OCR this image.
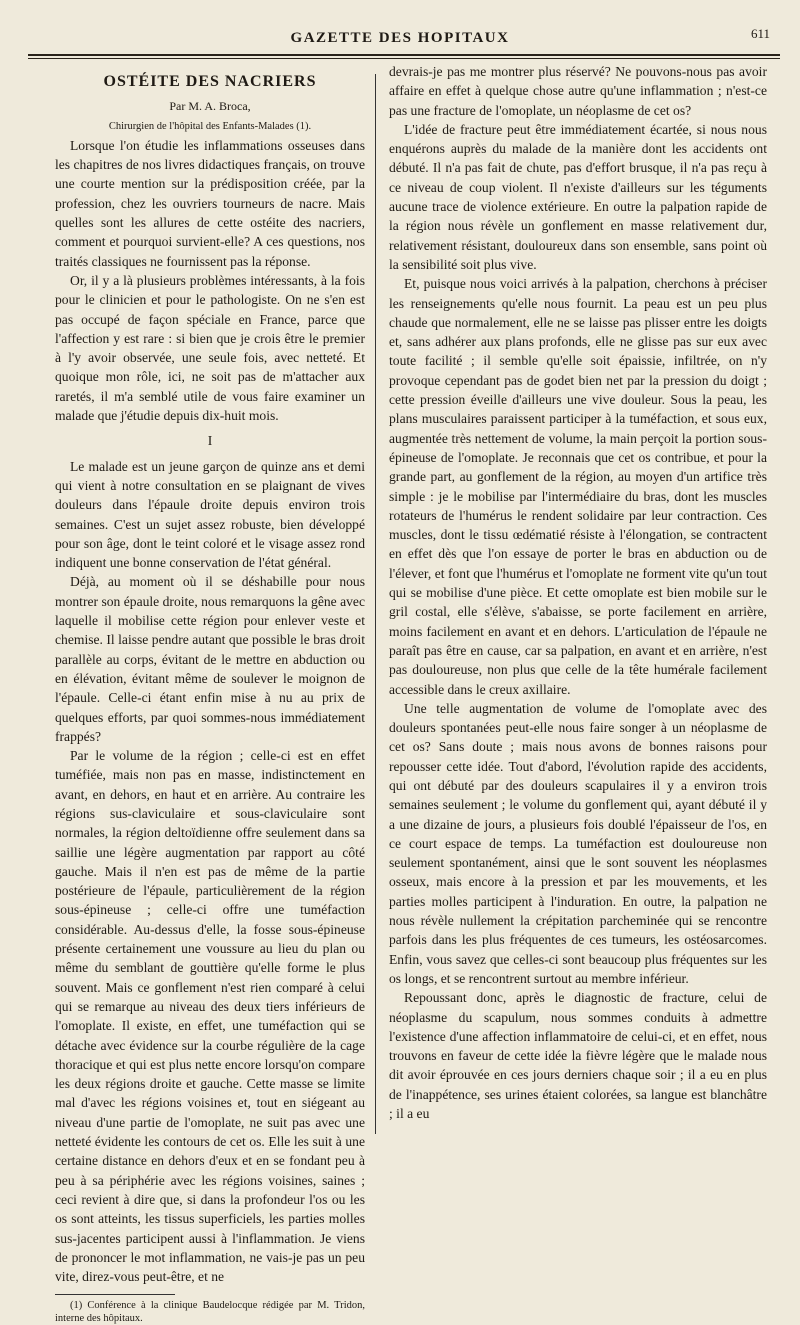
GAZETTE DES HOPITAUX	611
OSTÉITE DES NACRIERS

Par M. A. Broca,

Chirurgien de l'hôpital des Enfants-Malades (1).

Lorsque l'on étudie les inflammations osseuses dans les chapitres de nos livres didactiques français, on trouve une courte mention sur la prédisposition créée, par la profession, chez les ouvriers tourneurs de nacre. Mais quelles sont les allures de cette ostéite des nacriers, comment et pourquoi survient-elle? A ces questions, nos traités classiques ne fournissent pas la réponse.

Or, il y a là plusieurs problèmes intéressants, à la fois pour le clinicien et pour le pathologiste. On ne s'en est pas occupé de façon spéciale en France, parce que l'affection y est rare : si bien que je crois être le premier à l'y avoir observée, une seule fois, avec netteté. Et quoique mon rôle, ici, ne soit pas de m'attacher aux raretés, il m'a semblé utile de vous faire examiner un malade que j'étudie depuis dix-huit mois.

I

Le malade est un jeune garçon de quinze ans et demi qui vient à notre consultation en se plaignant de vives douleurs dans l'épaule droite depuis environ trois semaines. C'est un sujet assez robuste, bien développé pour son âge, dont le teint coloré et le visage assez rond indiquent une bonne conservation de l'état général.

Déjà, au moment où il se déshabille pour nous montrer son épaule droite, nous remarquons la gêne avec laquelle il mobilise cette région pour enlever veste et chemise. Il laisse pendre autant que possible le bras droit parallèle au corps, évitant de le mettre en abduction ou en élévation, évitant même de soulever le moignon de l'épaule. Celle-ci étant enfin mise à nu au prix de quelques efforts, par quoi sommes-nous immédiatement frappés?

Par le volume de la région ; celle-ci est en effet tuméfiée, mais non pas en masse, indistinctement en avant, en dehors, en haut et en arrière. Au contraire les régions sus-claviculaire et sous-claviculaire sont normales, la région deltoïdienne offre seulement dans sa saillie une légère augmentation par rapport au côté gauche. Mais il n'en est pas de même de la partie postérieure de l'épaule, particulièrement de la région sous-épineuse ; celle-ci offre une tuméfaction considérable. Au-dessus d'elle, la fosse sous-épineuse présente certainement une voussure au lieu du plan ou même du semblant de gouttière qu'elle forme le plus souvent. Mais ce gonflement n'est rien comparé à celui qui se remarque au niveau des deux tiers inférieurs de l'omoplate. Il existe, en effet, une tuméfaction qui se détache avec évidence sur la courbe régulière de la cage thoracique et qui est plus nette encore lorsqu'on compare les deux régions droite et gauche. Cette masse se limite mal d'avec les régions voisines et, tout en siégeant au niveau d'une partie de l'omoplate, ne suit pas avec une netteté évidente les contours de cet os. Elle les suit à une certaine distance en dehors d'eux et en se fondant peu à peu à sa périphérie avec les régions voisines, saines ; ceci revient à dire que, si dans la profondeur l'os ou les os sont atteints, les tissus superficiels, les parties molles sus-jacentes participent aussi à l'inflammation. Je viens de prononcer le mot inflammation, ne vais-je pas un peu vite, direz-vous peut-être, et ne

(1) Conférence à la clinique Baudelocque rédigée par M. Tridon, interne des hôpitaux.

devrais-je pas me montrer plus réservé? Ne pouvons-nous pas avoir affaire en effet à quelque chose autre qu'une inflammation ; n'est-ce pas une fracture de l'omoplate, un néoplasme de cet os?

L'idée de fracture peut être immédiatement écartée, si nous nous enquérons auprès du malade de la manière dont les accidents ont débuté. Il n'a pas fait de chute, pas d'effort brusque, il n'a pas reçu à ce niveau de coup violent. Il n'existe d'ailleurs sur les téguments aucune trace de violence extérieure. En outre la palpation rapide de la région nous révèle un gonflement en masse relativement dur, relativement résistant, douloureux dans son ensemble, sans point où la sensibilité soit plus vive.

Et, puisque nous voici arrivés à la palpation, cherchons à préciser les renseignements qu'elle nous fournit. La peau est un peu plus chaude que normalement, elle ne se laisse pas plisser entre les doigts et, sans adhérer aux plans profonds, elle ne glisse pas sur eux avec toute facilité ; il semble qu'elle soit épaissie, infiltrée, on n'y provoque cependant pas de godet bien net par la pression du doigt ; cette pression éveille d'ailleurs une vive douleur. Sous la peau, les plans musculaires paraissent participer à la tuméfaction, et sous eux, augmentée très nettement de volume, la main perçoit la portion sous-épineuse de l'omoplate. Je reconnais que cet os contribue, et pour la grande part, au gonflement de la région, au moyen d'un artifice très simple : je le mobilise par l'intermédiaire du bras, dont les muscles rotateurs de l'humérus le rendent solidaire par leur contraction. Ces muscles, dont le tissu œdématié résiste à l'élongation, se contractent en effet dès que l'on essaye de porter le bras en abduction ou de l'élever, et font que l'humérus et l'omoplate ne forment vite qu'un tout qui se mobilise d'une pièce. Et cette omoplate est bien mobile sur le gril costal, elle s'élève, s'abaisse, se porte facilement en arrière, moins facilement en avant et en dehors. L'articulation de l'épaule ne paraît pas être en cause, car sa palpation, en avant et en arrière, n'est pas douloureuse, non plus que celle de la tête humérale facilement accessible dans le creux axillaire.

Une telle augmentation de volume de l'omoplate avec des douleurs spontanées peut-elle nous faire songer à un néoplasme de cet os? Sans doute ; mais nous avons de bonnes raisons pour repousser cette idée. Tout d'abord, l'évolution rapide des accidents, qui ont débuté par des douleurs scapulaires il y a environ trois semaines seulement ; le volume du gonflement qui, ayant débuté il y a une dizaine de jours, a plusieurs fois doublé l'épaisseur de l'os, en ce court espace de temps. La tuméfaction est douloureuse non seulement spontanément, ainsi que le sont souvent les néoplasmes osseux, mais encore à la pression et par les mouvements, et les parties molles participent à l'induration. En outre, la palpation ne nous révèle nullement la crépitation parcheminée qui se rencontre parfois dans les plus fréquentes de ces tumeurs, les ostéosarcomes. Enfin, vous savez que celles-ci sont beaucoup plus fréquentes sur les os longs, et se rencontrent surtout au membre inférieur.

Repoussant donc, après le diagnostic de fracture, celui de néoplasme du scapulum, nous sommes conduits à admettre l'existence d'une affection inflammatoire de celui-ci, et en effet, nous trouvons en faveur de cette idée la fièvre légère que le malade nous dit avoir éprouvée en ces jours derniers chaque soir ; il a eu en plus de l'inappétence, ses urines étaient colorées, sa langue est blanchâtre ; il a eu
